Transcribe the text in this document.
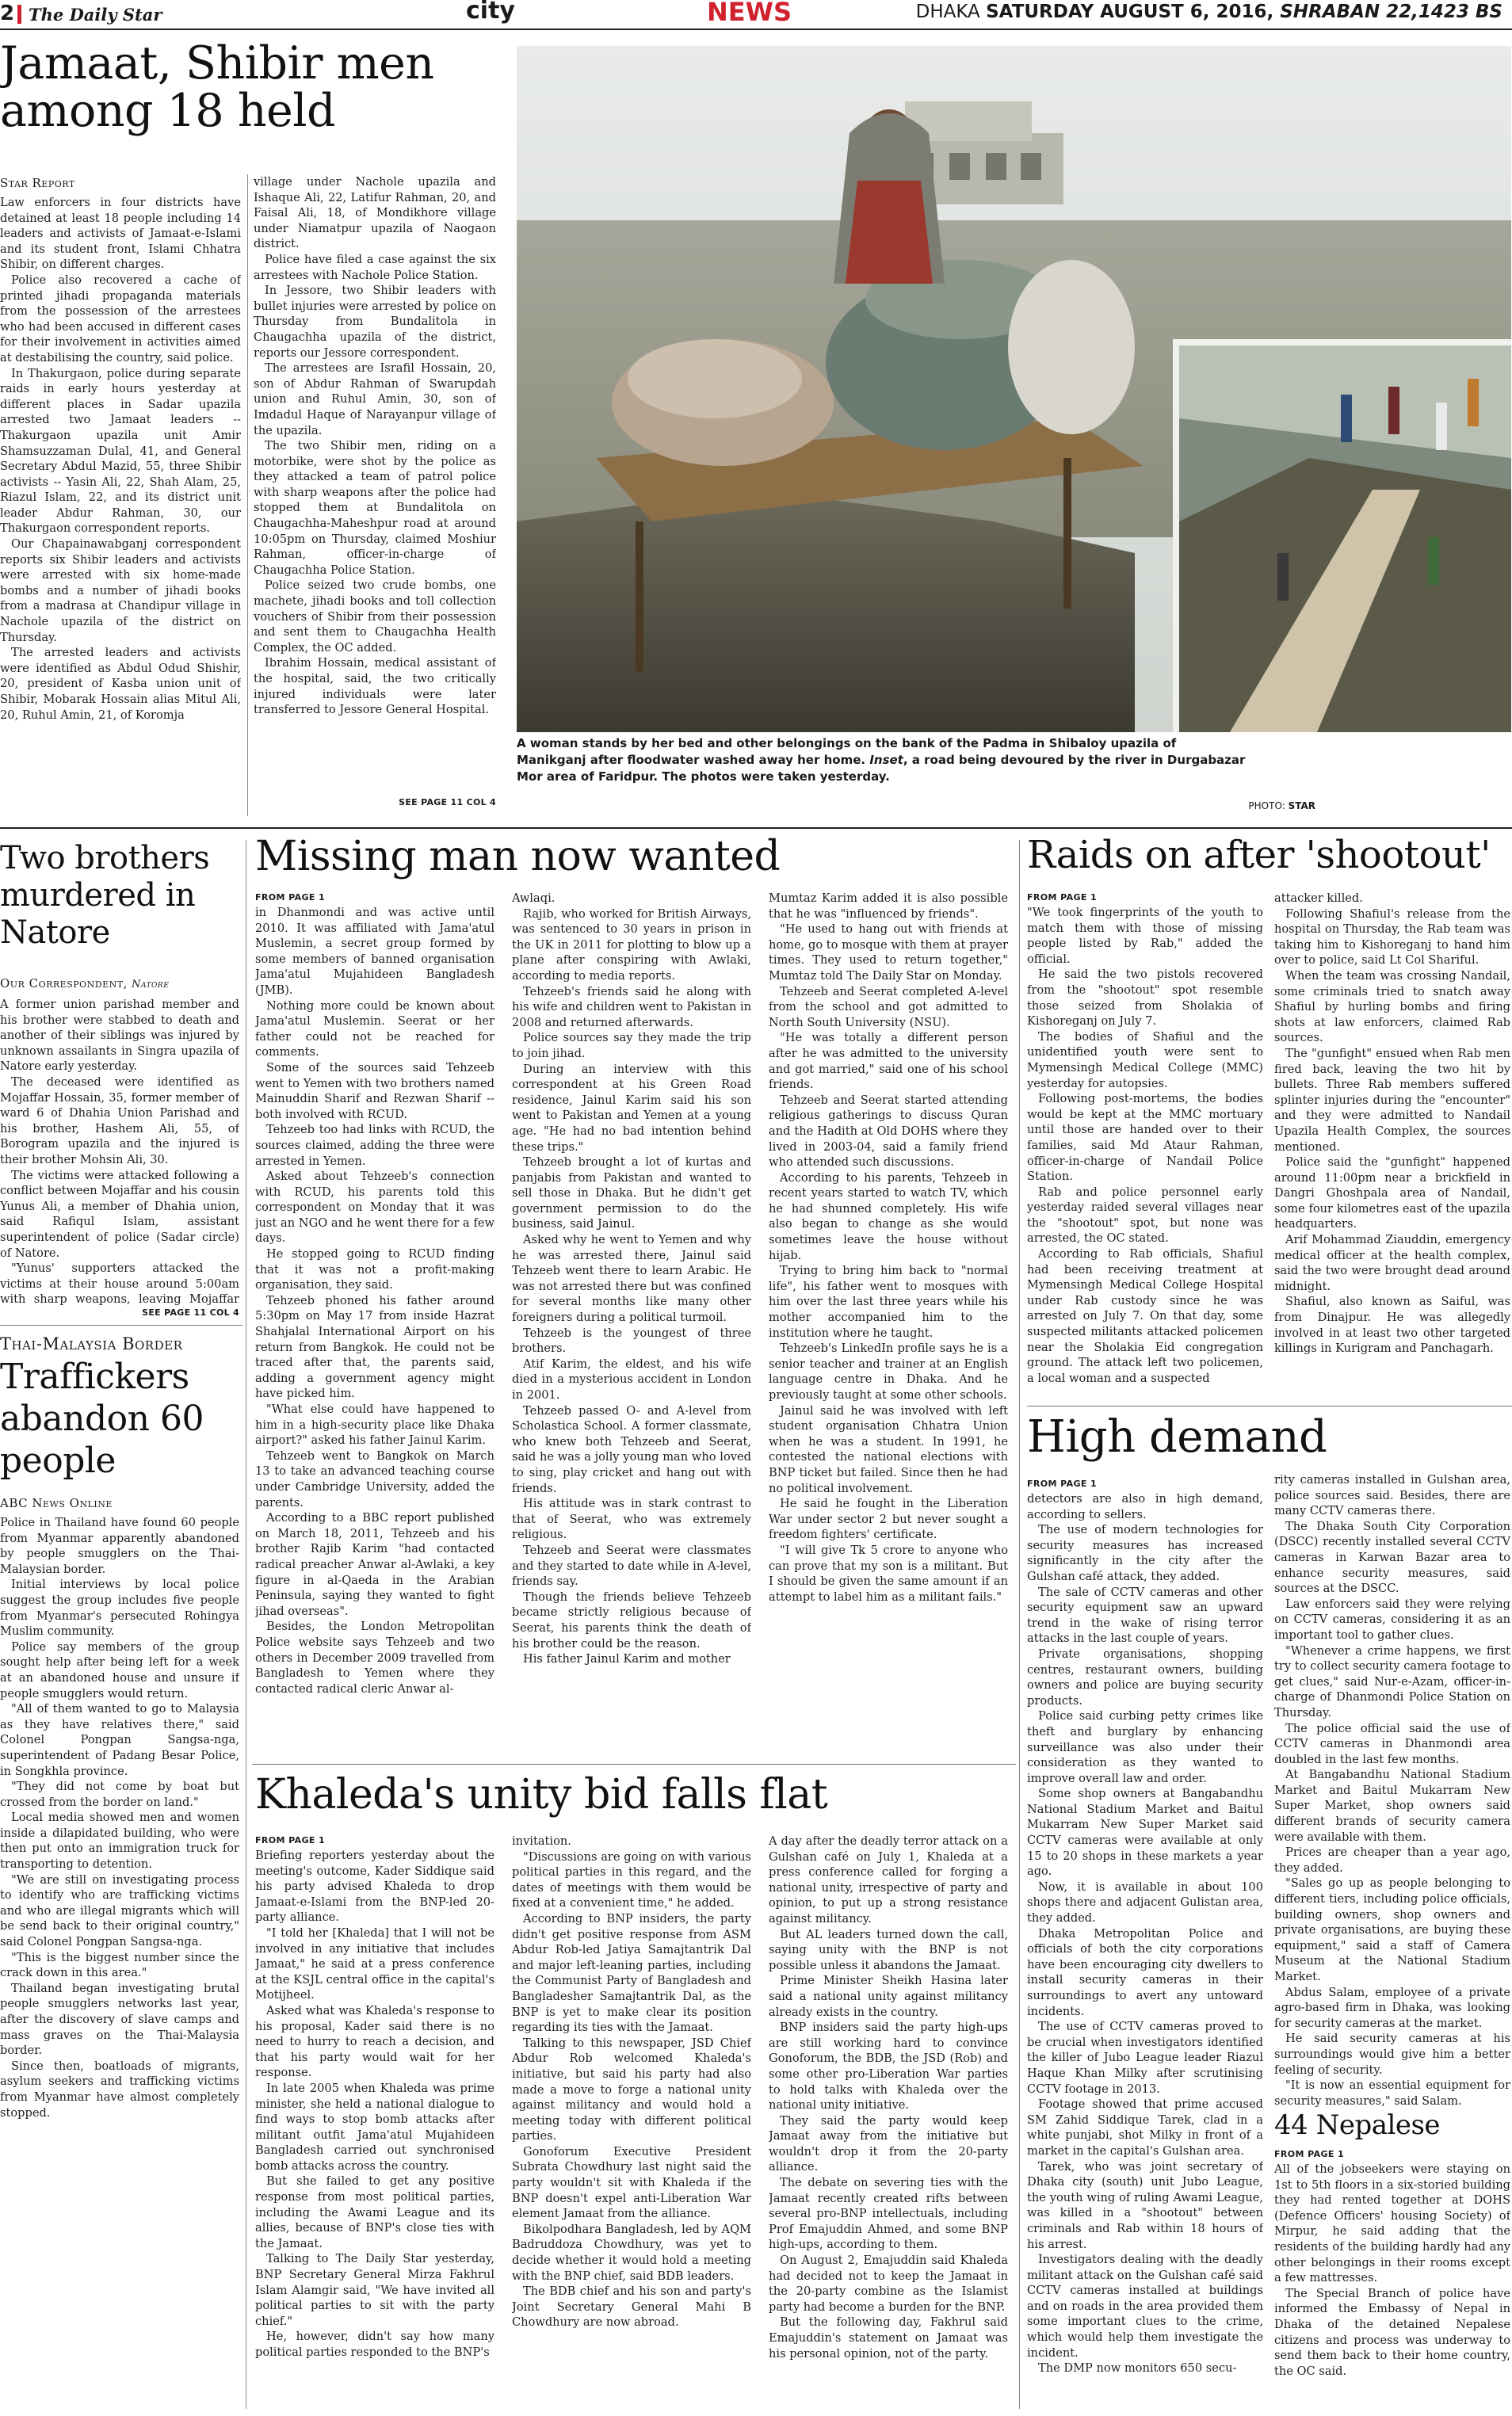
2 The Daily Star	city	NEWS	DHAKA SATURDAY AUGUST 6, 2016, SHRABAN 22,1423 BS
Jamaat, Shibir men among 18 held
Star Report

Law enforcers in four districts have detained at least 18 people including 14 leaders and activists of Jamaat-e-Islami and its student front, Islami Chhatra Shibir, on different charges.

Police also recovered a cache of printed jihadi propaganda materials from the possession of the arrestees who had been accused in different cases for their involvement in activities aimed at destabilising the country, said police.

In Thakurgaon, police during separate raids in early hours yesterday at different places in Sadar upazila arrested two Jamaat leaders -- Thakurgaon upazila unit Amir Shamsuzzaman Dulal, 41, and General Secretary Abdul Mazid, 55, three Shibir activists -- Yasin Ali, 22, Shah Alam, 25, Riazul Islam, 22, and its district unit leader Abdur Rahman, 30, our Thakurgaon correspondent reports.

Our Chapainawabganj correspondent reports six Shibir leaders and activists were arrested with six home-made bombs and a number of jihadi books from a madrasa at Chandipur village in Nachole upazila of the district on Thursday.

The arrested leaders and activists were identified as Abdul Odud Shishir, 20, president of Kasba union unit of Shibir, Mobarak Hossain alias Mitul Ali, 20, Ruhul Amin, 21, of Koromja

village under Nachole upazila and Ishaque Ali, 22, Latifur Rahman, 20, and Faisal Ali, 18, of Mondikhore village under Niamatpur upazila of Naogaon district.

Police have filed a case against the six arrestees with Nachole Police Station.

In Jessore, two Shibir leaders with bullet injuries were arrested by police on Thursday from Bundalitola in Chaugachha upazila of the district, reports our Jessore correspondent.

The arrestees are Israfil Hossain, 20, son of Abdur Rahman of Swarupdah union and Ruhul Amin, 30, son of Imdadul Haque of Narayanpur village of the upazila.

The two Shibir men, riding on a motorbike, were shot by the police as they attacked a team of patrol police with sharp weapons after the police had stopped them at Bundalitola on Chaugachha-Maheshpur road at around 10:05pm on Thursday, claimed Moshiur Rahman, officer-in-charge of Chaugachha Police Station.

Police seized two crude bombs, one machete, jihadi books and toll collection vouchers of Shibir from their possession and sent them to Chaugachha Health Complex, the OC added.

Ibrahim Hossain, medical assistant of the hospital, said, the two critically injured individuals were later transferred to Jessore General Hospital.

SEE PAGE 11 COL 4
A woman stands by her bed and other belongings on the bank of the Padma in Shibaloy upazila of Manikganj after floodwater washed away her home. Inset, a road being devoured by the river in Durgabazar Mor area of Faridpur. The photos were taken yesterday.
PHOTO: STAR
Two brothers murdered in Natore
Our Correspondent, Natore

A former union parishad member and his brother were stabbed to death and another of their siblings was injured by unknown assailants in Singra upazila of Natore early yesterday.

The deceased were identified as Mojaffar Hossain, 35, former member of ward 6 of Dhahia Union Parishad and his brother, Hashem Ali, 55, of Borogram upazila and the injured is their brother Mohsin Ali, 30.

The victims were attacked following a conflict between Mojaffar and his cousin Yunus Ali, a member of Dhahia union, said Rafiqul Islam, assistant superintendent of police (Sadar circle) of Natore.

"Yunus' supporters attacked the victims at their house around 5:00am with sharp weapons, leaving Mojaffar

SEE PAGE 11 COL 4
Thai-Malaysia Border
Traffickers abandon 60 people
ABC News Online

Police in Thailand have found 60 people from Myanmar apparently abandoned by people smugglers on the Thai-Malaysian border.

Initial interviews by local police suggest the group includes five people from Myanmar's persecuted Rohingya Muslim community.

Police say members of the group sought help after being left for a week at an abandoned house and unsure if people smugglers would return.

"All of them wanted to go to Malaysia as they have relatives there," said Colonel Pongpan Sangsa-nga, superintendent of Padang Besar Police, in Songkhla province.

"They did not come by boat but crossed from the border on land."

Local media showed men and women inside a dilapidated building, who were then put onto an immigration truck for transporting to detention.

"We are still on investigating process to identify who are trafficking victims and who are illegal migrants which will be send back to their original country," said Colonel Pongpan Sangsa-nga.

"This is the biggest number since the crack down in this area."

Thailand began investigating brutal people smugglers networks last year, after the discovery of slave camps and mass graves on the Thai-Malaysia border.

Since then, boatloads of migrants, asylum seekers and trafficking victims from Myanmar have almost completely stopped.

Missing man now wanted
FROM PAGE 1

in Dhanmondi and was active until 2010. It was affiliated with Jama'atul Muslemin, a secret group formed by some members of banned organisation Jama'atul Mujahideen Bangladesh (JMB).

Nothing more could be known about Jama'atul Muslemin. Seerat or her father could not be reached for comments.

Some of the sources said Tehzeeb went to Yemen with two brothers named Mainuddin Sharif and Rezwan Sharif -- both involved with RCUD.

Tehzeeb too had links with RCUD, the sources claimed, adding the three were arrested in Yemen.

Asked about Tehzeeb's connection with RCUD, his parents told this correspondent on Monday that it was just an NGO and he went there for a few days.

He stopped going to RCUD finding that it was not a profit-making organisation, they said.

Tehzeeb phoned his father around 5:30pm on May 17 from inside Hazrat Shahjalal International Airport on his return from Bangkok. He could not be traced after that, the parents said, adding a government agency might have picked him.

"What else could have happened to him in a high-security place like Dhaka airport?" asked his father Jainul Karim.

Tehzeeb went to Bangkok on March 13 to take an advanced teaching course under Cambridge University, added the parents.

According to a BBC report published on March 18, 2011, Tehzeeb and his brother Rajib Karim "had contacted radical preacher Anwar al-Awlaki, a key figure in al-Qaeda in the Arabian Peninsula, saying they wanted to fight jihad overseas".

Besides, the London Metropolitan Police website says Tehzeeb and two others in December 2009 travelled from Bangladesh to Yemen where they contacted radical cleric Anwar al-

Awlaqi.

Rajib, who worked for British Airways, was sentenced to 30 years in prison in the UK in 2011 for plotting to blow up a plane after conspiring with Awlaki, according to media reports.

Tehzeeb's friends said he along with his wife and children went to Pakistan in 2008 and returned afterwards.

Police sources say they made the trip to join jihad.

During an interview with this correspondent at his Green Road residence, Jainul Karim said his son went to Pakistan and Yemen at a young age. "He had no bad intention behind these trips."

Tehzeeb brought a lot of kurtas and panjabis from Pakistan and wanted to sell those in Dhaka. But he didn't get government permission to do the business, said Jainul.

Asked why he went to Yemen and why he was arrested there, Jainul said Tehzeeb went there to learn Arabic. He was not arrested there but was confined for several months like many other foreigners during a political turmoil.

Tehzeeb is the youngest of three brothers.

Atif Karim, the eldest, and his wife died in a mysterious accident in London in 2001.

Tehzeeb passed O- and A-level from Scholastica School. A former classmate, who knew both Tehzeeb and Seerat, said he was a jolly young man who loved to sing, play cricket and hang out with friends.

His attitude was in stark contrast to that of Seerat, who was extremely religious.

Tehzeeb and Seerat were classmates and they started to date while in A-level, friends say.

Though the friends believe Tehzeeb became strictly religious because of Seerat, his parents think the death of his brother could be the reason.

His father Jainul Karim and mother

Mumtaz Karim added it is also possible that he was "influenced by friends".

"He used to hang out with friends at home, go to mosque with them at prayer times. They used to return together," Mumtaz told The Daily Star on Monday.

Tehzeeb and Seerat completed A-level from the school and got admitted to North South University (NSU).

"He was totally a different person after he was admitted to the university and got married," said one of his school friends.

Tehzeeb and Seerat started attending religious gatherings to discuss Quran and the Hadith at Old DOHS where they lived in 2003-04, said a family friend who attended such discussions.

According to his parents, Tehzeeb in recent years started to watch TV, which he had shunned completely. His wife also began to change as she would sometimes leave the house without hijab.

Trying to bring him back to "normal life", his father went to mosques with him over the last three years while his mother accompanied him to the institution where he taught.

Tehzeeb's LinkedIn profile says he is a senior teacher and trainer at an English language centre in Dhaka. And he previously taught at some other schools.

Jainul said he was involved with left student organisation Chhatra Union when he was a student. In 1991, he contested the national elections with BNP ticket but failed. Since then he had no political involvement.

He said he fought in the Liberation War under sector 2 but never sought a freedom fighters' certificate.

"I will give Tk 5 crore to anyone who can prove that my son is a militant. But I should be given the same amount if an attempt to label him as a militant fails."

Raids on after 'shootout'
FROM PAGE 1

"We took fingerprints of the youth to match them with those of missing people listed by Rab," added the official.

He said the two pistols recovered from the "shootout" spot resemble those seized from Sholakia of Kishoreganj on July 7.

The bodies of Shafiul and the unidentified youth were sent to Mymensingh Medical College (MMC) yesterday for autopsies.

Following post-mortems, the bodies would be kept at the MMC mortuary until those are handed over to their families, said Md Ataur Rahman, officer-in-charge of Nandail Police Station.

Rab and police personnel early yesterday raided several villages near the "shootout" spot, but none was arrested, the OC stated.

According to Rab officials, Shafiul had been receiving treatment at Mymensingh Medical College Hospital under Rab custody since he was arrested on July 7. On that day, some suspected militants attacked policemen near the Sholakia Eid congregation ground. The attack left two policemen, a local woman and a suspected

attacker killed.

Following Shafiul's release from the hospital on Thursday, the Rab team was taking him to Kishoreganj to hand him over to police, said Lt Col Shariful.

When the team was crossing Nandail, some criminals tried to snatch away Shafiul by hurling bombs and firing shots at law enforcers, claimed Rab sources.

The "gunfight" ensued when Rab men fired back, leaving the two hit by bullets. Three Rab members suffered splinter injuries during the "encounter" and they were admitted to Nandail Upazila Health Complex, the sources mentioned.

Police said the "gunfight" happened around 11:00pm near a brickfield in Dangri Ghoshpala area of Nandail, some four kilometres east of the upazila headquarters.

Arif Mohammad Ziauddin, emergency medical officer at the health complex, said the two were brought dead around midnight.

Shafiul, also known as Saiful, was from Dinajpur. He was allegedly involved in at least two other targeted killings in Kurigram and Panchagarh.

High demand
FROM PAGE 1

detectors are also in high demand, according to sellers.

The use of modern technologies for security measures has increased significantly in the city after the Gulshan café attack, they added.

The sale of CCTV cameras and other security equipment saw an upward trend in the wake of rising terror attacks in the last couple of years.

Private organisations, shopping centres, restaurant owners, building owners and police are buying security products.

Police said curbing petty crimes like theft and burglary by enhancing surveillance was also under their consideration as they wanted to improve overall law and order.

Some shop owners at Bangabandhu National Stadium Market and Baitul Mukarram New Super Market said CCTV cameras were available at only 15 to 20 shops in these markets a year ago.

Now, it is available in about 100 shops there and adjacent Gulistan area, they added.

Dhaka Metropolitan Police and officials of both the city corporations have been encouraging city dwellers to install security cameras in their surroundings to avert any untoward incidents.

The use of CCTV cameras proved to be crucial when investigators identified the killer of Jubo League leader Riazul Haque Khan Milky after scrutinising CCTV footage in 2013.

Footage showed that prime accused SM Zahid Siddique Tarek, clad in a white punjabi, shot Milky in front of a market in the capital's Gulshan area.

Tarek, who was joint secretary of Dhaka city (south) unit Jubo League, the youth wing of ruling Awami League, was killed in a "shootout" between criminals and Rab within 18 hours of his arrest.

Investigators dealing with the deadly militant attack on the Gulshan café said CCTV cameras installed at buildings and on roads in the area provided them some important clues to the crime, which would help them investigate the incident.

The DMP now monitors 650 secu-

rity cameras installed in Gulshan area, police sources said. Besides, there are many CCTV cameras there.

The Dhaka South City Corporation (DSCC) recently installed several CCTV cameras in Karwan Bazar area to enhance security measures, said sources at the DSCC.

Law enforcers said they were relying on CCTV cameras, considering it as an important tool to gather clues.

"Whenever a crime happens, we first try to collect security camera footage to get clues," said Nur-e-Azam, officer-in-charge of Dhanmondi Police Station on Thursday.

The police official said the use of CCTV cameras in Dhanmondi area doubled in the last few months.

At Bangabandhu National Stadium Market and Baitul Mukarram New Super Market, shop owners said different brands of security camera were available with them.

Prices are cheaper than a year ago, they added.

"Sales go up as people belonging to different tiers, including police officials, building owners, shop owners and private organisations, are buying these equipment," said a staff of Camera Museum at the National Stadium Market.

Abdus Salam, employee of a private agro-based firm in Dhaka, was looking for security cameras at the market.

He said security cameras at his surroundings would give him a better feeling of security.

"It is now an essential equipment for security measures," said Salam.

44 Nepalese
FROM PAGE 1

All of the jobseekers were staying on 1st to 5th floors in a six-storied building they had rented together at DOHS (Defence Officers' housing Society) of Mirpur, he said adding that the residents of the building hardly had any other belongings in their rooms except a few mattresses.

The Special Branch of police have informed the Embassy of Nepal in Dhaka of the detained Nepalese citizens and process was underway to send them back to their home country, the OC said.

Khaleda's unity bid falls flat
FROM PAGE 1

Briefing reporters yesterday about the meeting's outcome, Kader Siddique said his party advised Khaleda to drop Jamaat-e-Islami from the BNP-led 20-party alliance.

"I told her [Khaleda] that I will not be involved in any initiative that includes Jamaat," he said at a press conference at the KSJL central office in the capital's Motijheel.

Asked what was Khaleda's response to his proposal, Kader said there is no need to hurry to reach a decision, and that his party would wait for her response.

In late 2005 when Khaleda was prime minister, she held a national dialogue to find ways to stop bomb attacks after militant outfit Jama'atul Mujahideen Bangladesh carried out synchronised bomb attacks across the country.

But she failed to get any positive response from most political parties, including the Awami League and its allies, because of BNP's close ties with the Jamaat.

Talking to The Daily Star yesterday, BNP Secretary General Mirza Fakhrul Islam Alamgir said, "We have invited all political parties to sit with the party chief."

He, however, didn't say how many political parties responded to the BNP's

invitation.

"Discussions are going on with various political parties in this regard, and the dates of meetings with them would be fixed at a convenient time," he added.

According to BNP insiders, the party didn't get positive response from ASM Abdur Rob-led Jatiya Samajtantrik Dal and major left-leaning parties, including the Communist Party of Bangladesh and Bangladesher Samajtantrik Dal, as the BNP is yet to make clear its position regarding its ties with the Jamaat.

Talking to this newspaper, JSD Chief Abdur Rob welcomed Khaleda's initiative, but said his party had also made a move to forge a national unity against militancy and would hold a meeting today with different political parties.

Gonoforum Executive President Subrata Chowdhury last night said the party wouldn't sit with Khaleda if the BNP doesn't expel anti-Liberation War element Jamaat from the alliance.

Bikolpodhara Bangladesh, led by AQM Badruddoza Chowdhury, was yet to decide whether it would hold a meeting with the BNP chief, said BDB leaders.

The BDB chief and his son and party's Joint Secretary General Mahi B Chowdhury are now abroad.

A day after the deadly terror attack on a Gulshan café on July 1, Khaleda at a press conference called for forging a national unity, irrespective of party and opinion, to put up a strong resistance against militancy.

But AL leaders turned down the call, saying unity with the BNP is not possible unless it abandons the Jamaat.

Prime Minister Sheikh Hasina later said a national unity against militancy already exists in the country.

BNP insiders said the party high-ups are still working hard to convince Gonoforum, the BDB, the JSD (Rob) and some other pro-Liberation War parties to hold talks with Khaleda over the national unity initiative.

They said the party would keep Jamaat away from the initiative but wouldn't drop it from the 20-party alliance.

The debate on severing ties with the Jamaat recently created rifts between several pro-BNP intellectuals, including Prof Emajuddin Ahmed, and some BNP high-ups, according to them.

On August 2, Emajuddin said Khaleda had decided not to keep the Jamaat in the 20-party combine as the Islamist party had become a burden for the BNP.

But the following day, Fakhrul said Emajuddin's statement on Jamaat was his personal opinion, not of the party.
